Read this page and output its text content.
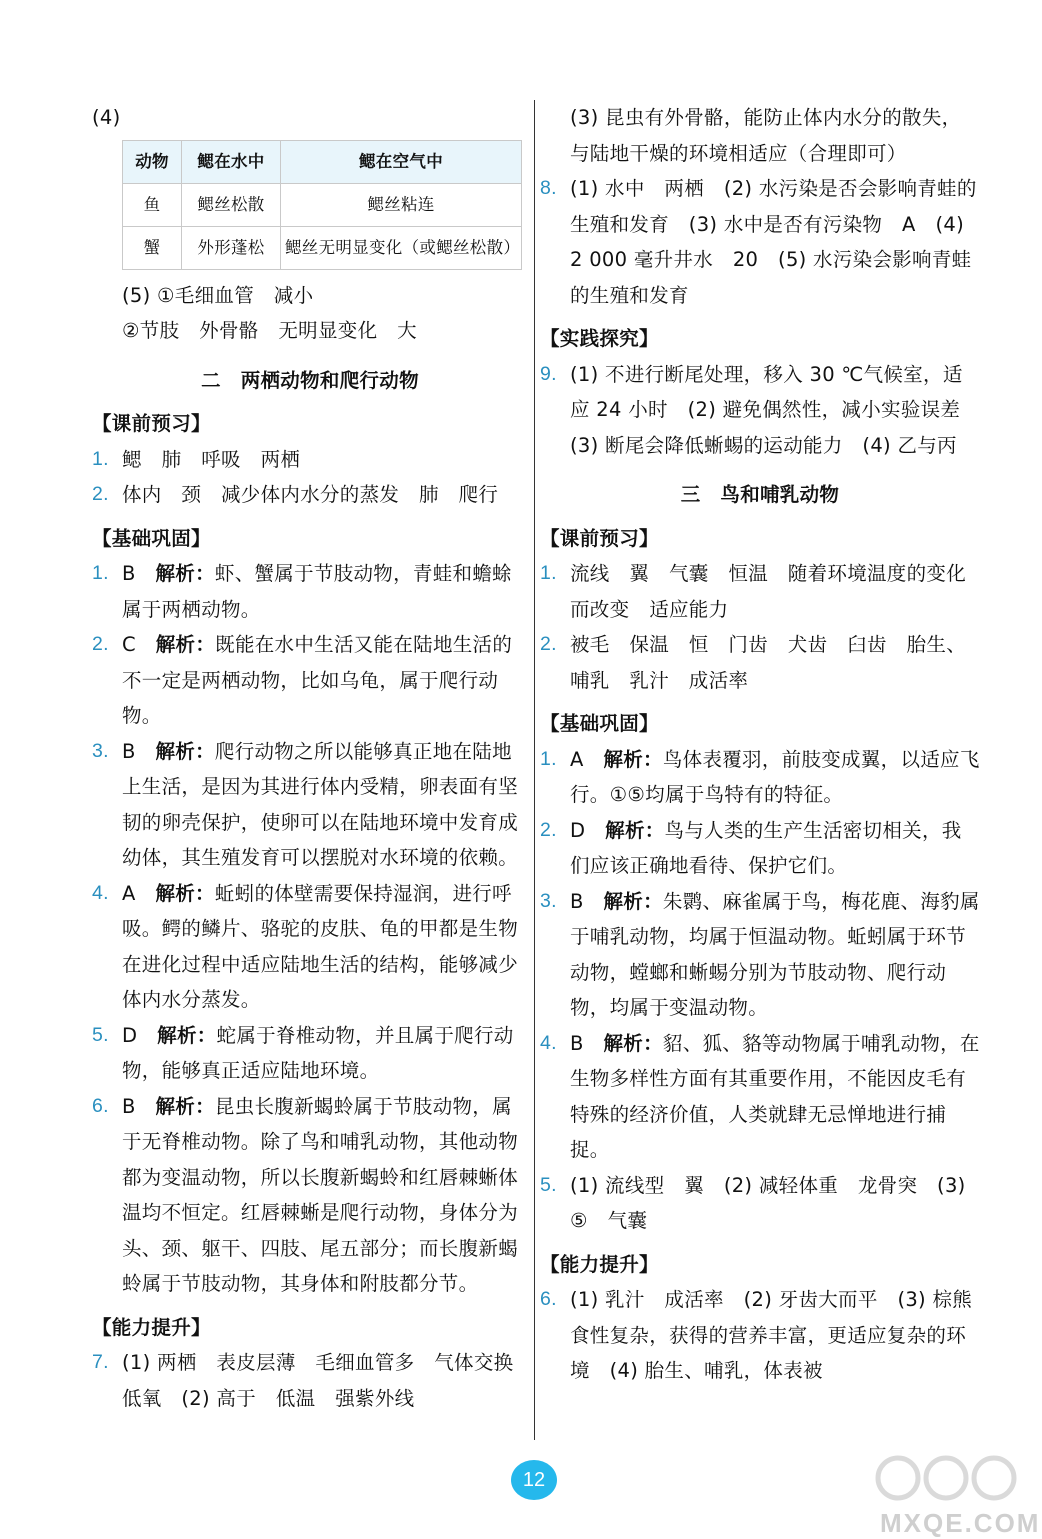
(4)

动物	鳃在水中	鳃在空气中
鱼	鳃丝松散	鳃丝粘连
蟹	外形蓬松	鳃丝无明显变化（或鳃丝松散）

(5) ①毛细血管　减小

②节肢　外骨骼　无明显变化　大

二　两栖动物和爬行动物

【课前预习】

1. 鳃　肺　呼吸　两栖
2. 体内　颈　减少体内水分的蒸发　肺　爬行

【基础巩固】

1. B　 解析：虾、蟹属于节肢动物，青蛙和蟾蜍属于两栖动物。
2. C　 解析：既能在水中生活又能在陆地生活的不一定是两栖动物，比如乌龟，属于爬行动物。
3. B　 解析：爬行动物之所以能够真正地在陆地上生活，是因为其进行体内受精，卵表面有坚韧的卵壳保护，使卵可以在陆地环境中发育成幼体，其生殖发育可以摆脱对水环境的依赖。
4. A　 解析：蚯蚓的体壁需要保持湿润，进行呼吸。鳄的鳞片、骆驼的皮肤、龟的甲都是生物在进化过程中适应陆地生活的结构，能够减少体内水分蒸发。
5. D　 解析：蛇属于脊椎动物，并且属于爬行动物，能够真正适应陆地环境。
6. B　 解析：昆虫长腹新蝎蛉属于节肢动物，属于无脊椎动物。除了鸟和哺乳动物，其他动物都为变温动物，所以长腹新蝎蛉和红唇棘蜥体温均不恒定。红唇棘蜥是爬行动物，身体分为头、颈、躯干、四肢、尾五部分；而长腹新蝎蛉属于节肢动物，其身体和附肢都分节。

【能力提升】

7. (1) 两栖　表皮层薄　毛细血管多　气体交换　低氧　(2) 高于　低温　强紫外线

(3) 昆虫有外骨骼，能防止体内水分的散失，与陆地干燥的环境相适应（合理即可）

8. (1) 水中　两栖　(2) 水污染是否会影响青蛙的生殖和发育　(3) 水中是否有污染物　A　(4) 2 000 毫升井水　20　(5) 水污染会影响青蛙的生殖和发育

【实践探究】

9. (1) 不进行断尾处理，移入 30 ℃气候室，适应 24 小时　(2) 避免偶然性，减小实验误差　(3) 断尾会降低蜥蜴的运动能力　(4) 乙与丙

三　鸟和哺乳动物

【课前预习】

1. 流线　翼　气囊　恒温　随着环境温度的变化而改变　适应能力
2. 被毛　保温　恒　门齿　犬齿　臼齿　胎生、哺乳　乳汁　成活率

【基础巩固】

1. A　 解析：鸟体表覆羽，前肢变成翼，以适应飞行。①⑤均属于鸟特有的特征。
2. D　 解析：鸟与人类的生产生活密切相关，我们应该正确地看待、保护它们。
3. B　 解析：朱鹮、麻雀属于鸟，梅花鹿、海豹属于哺乳动物，均属于恒温动物。蚯蚓属于环节动物，螳螂和蜥蜴分别为节肢动物、爬行动物，均属于变温动物。
4. B　 解析：貂、狐、貉等动物属于哺乳动物，在生物多样性方面有其重要作用，不能因皮毛有特殊的经济价值，人类就肆无忌惮地进行捕捉。
5. (1) 流线型　翼　(2) 减轻体重　龙骨突　(3) ⑤　气囊

【能力提升】

6. (1) 乳汁　成活率　(2) 牙齿大而平　(3) 棕熊食性复杂，获得的营养丰富，更适应复杂的环境　(4) 胎生、哺乳，体表被
12
MXQE.COM
